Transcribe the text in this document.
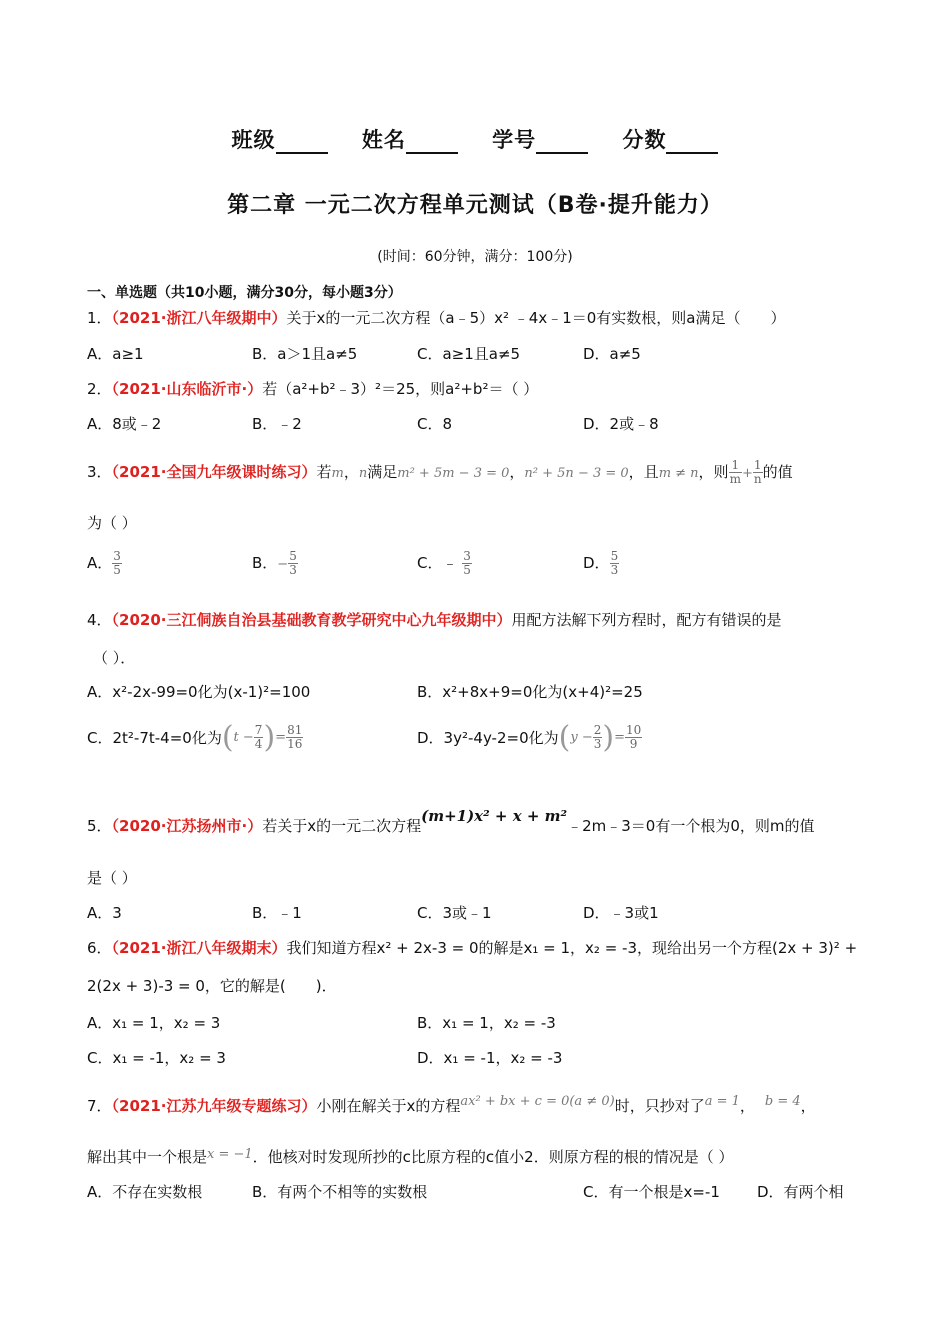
班级	姓名	学号	分数
第二章 一元二次方程单元测试（B卷·提升能力）
(时间：60分钟，满分：100分)
一、单选题（共10小题，满分30分，每小题3分）
1．（2021·浙江八年级期中）关于x的一元二次方程（a﹣5）x² ﹣4x﹣1＝0有实数根，则a满足（　　）
A．a≥1	B．a＞1且a≠5	C．a≥1且a≠5	D．a≠5
2．（2021·山东临沂市·）若（a²+b²﹣3）²＝25，则a²+b²＝（ ）
A．8或﹣2	B．﹣2	C．8	D．2或﹣8
3．（2021·全国九年级课时练习）若m，n满足m² + 5m − 3 = 0，n² + 5n − 3 = 0，且m ≠ n，则 $\frac{1}{m} + \frac{1}{n}$ 的值
为（ ）
A． $\frac{3}{5}$	B．− $\frac{5}{3}$	C．﹣ $\frac{3}{5}$	D． $\frac{5}{3}$
4．（2020·三江侗族自治县基础教育教学研究中心九年级期中）用配方法解下列方程时，配方有错误的是
（ ）．
A．x²-2x-99=0化为(x-1)²=100	B．x²+8x+9=0化为(x+4)²=25
C．2t²-7t-4=0化为($t - \frac{7}{4}$ )= $\frac{81}{16}$	D．3y²-4y-2=0化为($y - \frac{2}{3}$ )= $\frac{10}{9}$
5．（2020·江苏扬州市·）若关于x的一元二次方程(m+1)x² + x + m²﹣2m﹣3＝0有一个根为0，则m的值
是（ ）
A．3	B．﹣1	C．3或﹣1	D．﹣3或1
6．（2021·浙江八年级期末）我们知道方程x² + 2x-3 = 0的解是x₁ = 1，x₂ = -3，现给出另一个方程(2x + 3)² +
2(2x + 3)-3 = 0，它的解是(　　)．
A．x₁ = 1，x₂ = 3	B．x₁ = 1，x₂ = -3
C．x₁ = -1，x₂ = 3	D．x₁ = -1，x₂ = -3
7．（2021·江苏九年级专题练习）小刚在解关于x的方程ax² + bx + c = 0(a ≠ 0)时，只抄对了a = 1， b = 4，
解出其中一个根是x = −1．他核对时发现所抄的c比原方程的c值小2．则原方程的根的情况是（ ）
A．不存在实数根	B．有两个不相等的实数根	C．有一个根是x=-1 D．有两个相
